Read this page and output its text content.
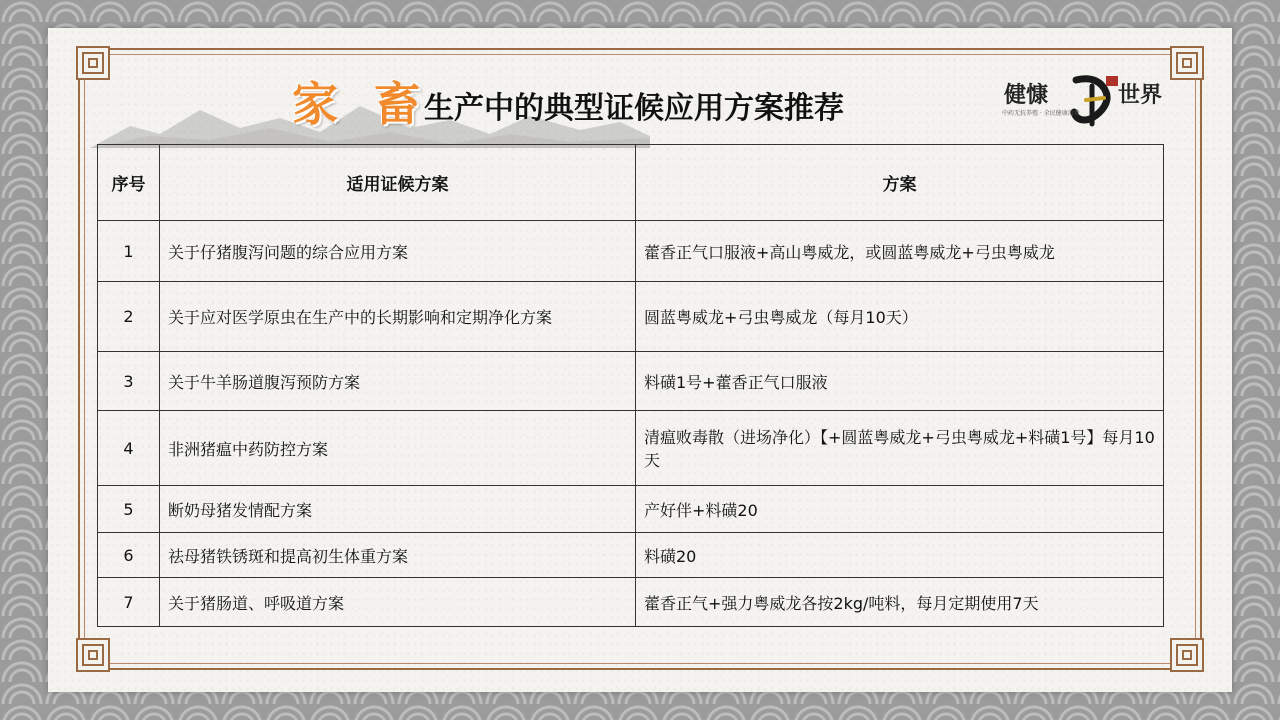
家 畜
生产中的典型证候应用方案推荐	健慷	世界
中药无抗养殖 · 全民健康消费
序号	适用证候方案	方案
1	关于仔猪腹泻问题的综合应用方案	藿香正气口服液+高山粤威龙，或圆蓝粤威龙+弓虫粤威龙
2	关于应对医学原虫在生产中的长期影响和定期净化方案	圆蓝粤威龙+弓虫粤威龙（每月10天）
3	关于牛羊肠道腹泻预防方案	料磺1号+藿香正气口服液
4	非洲猪瘟中药防控方案	清瘟败毒散（进场净化）【+圆蓝粤威龙+弓虫粤威龙+料磺1号】每月10天
5	断奶母猪发情配方案	产好伴+料磺20
6	祛母猪铁锈斑和提高初生体重方案	料磺20
7	关于猪肠道、呼吸道方案	藿香正气+强力粤威龙各按2kg/吨料，每月定期使用7天
